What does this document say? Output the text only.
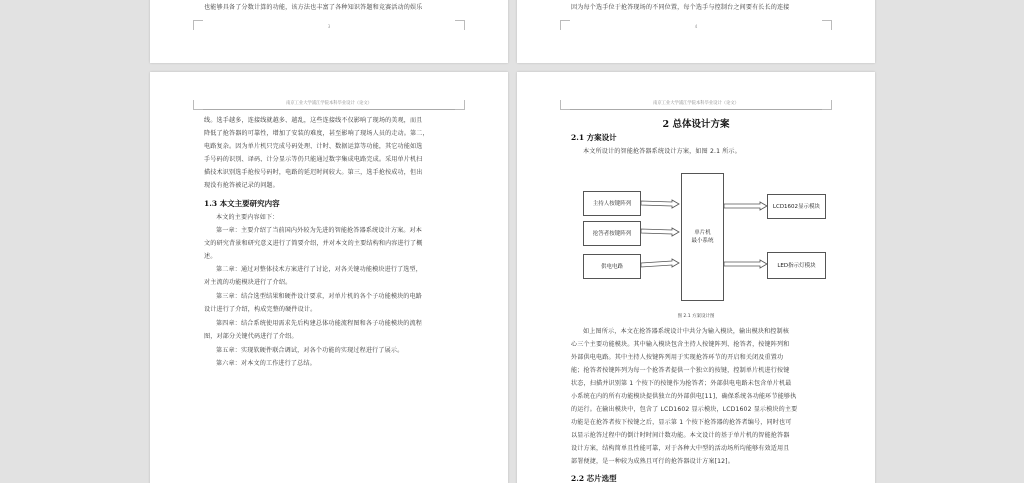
也能够具备了分数计算的功能，该方法也丰富了各种知识答题和竞赛活动的娱乐
3
因为每个选手位于抢答现场的不同位置，每个选手与控制台之间要有长长的连接
4
南京工业大学浦江学院本科毕业设计（论文）
线。选手越多，连接线就越多、越乱，这些连接线不仅影响了现场的美观，而且
降低了抢答器的可靠性，增加了安装的难度，甚至影响了现场人员的走动。第二，
电路复杂。因为单片机只完成号码处理、计时、数据运算等功能，其它功能如选
手号码的识别、译码、计分显示等仍只能通过数字集成电路完成。采用单片机扫
描技术识别选手抢按号码时，电路的延迟时间较大。第三，选手抢按成功，但出
现没有抢答被记录的问题。
1.3 本文主要研究内容
本文的主要内容如下：
第一章：主要介绍了当前国内外较为先进的智能抢答器系统设计方案。对本
文的研究背景和研究意义进行了简要介绍，并对本文的主要结构和内容进行了概
述。
第二章：通过对整体技术方案进行了讨论，对各关键功能模块进行了选型，
对主流的功能模块进行了介绍。
第三章：结合选型结果和硬件设计要求，对单片机的各个子功能模块的电路
设计进行了介绍，构成完整的硬件设计。
第四章：结合系统使用需求先后构建总体功能流程图和各子功能模块的流程
图，对部分关键代码进行了介绍。
第五章：实现软硬件联合调试，对各个功能的实现过程进行了展示。
第六章：对本文的工作进行了总结。
南京工业大学浦江学院本科毕业设计（论文）
2 总体设计方案
2.1 方案设计
本文所设计的智能抢答器系统设计方案，如图 2.1 所示。
主持人按键阵列
抢答者按键阵列
供电电路
单片机
最小系统
LCD1602显示模块
LED指示灯模块
图 2.1 方案设计图
如上图所示，本文在抢答器系统设计中共分为输入模块，输出模块和控制核
心三个主要功能模块。其中输入模块包含主持人按键阵列、抢答者，按键阵列和
外部供电电路。其中主持人按键阵列用于实现抢答环节的开启和关闭及重置功
能；抢答者按键阵列为每一个抢答者提供一个独立的按键，控制单片机进行按键
状态，扫描并识别第 1 个按下的按键作为抢答者；外部供电电路未包含单片机最
小系统在内的所有功能模块提供独立的外部供电[11]，确保系统各功能环节能够执
的运行。在输出模块中，包含了 LCD1602 显示模块，LCD1602 显示模块的主要
功能是在抢答者按下按键之后，显示第 1 个按下抢答器的抢答者编号，同时也可
以显示抢答过程中的倒计时时间计数功能。本文设计的基于单片机的智能抢答器
设计方案，结构简单且性能可靠，对于各种大中型的活动场所均能够有效适用且
部署便捷，是一种较为成熟且可行的抢答器设计方案[12]。
2.2 芯片选型
